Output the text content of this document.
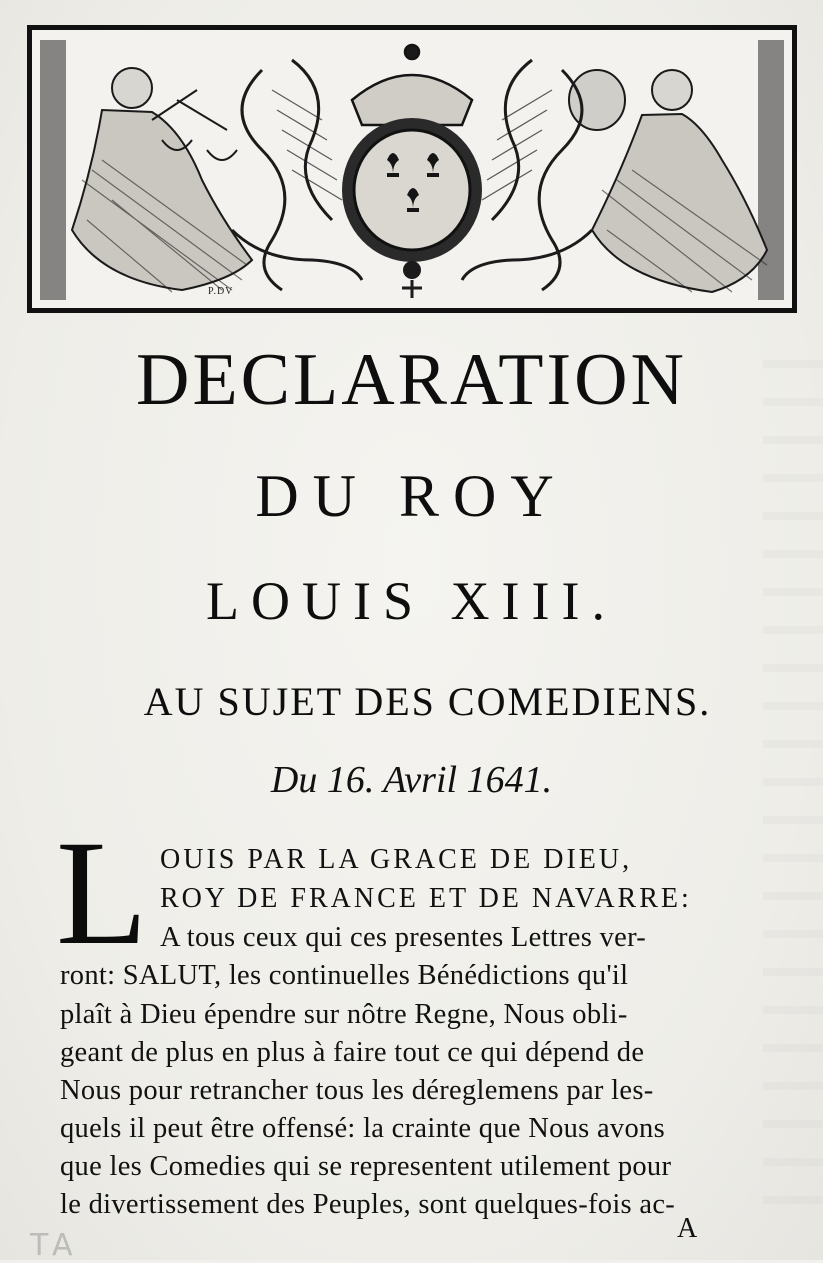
P.DV
DECLARATION
DU ROY
LOUIS XIII.
AU SUJET DES COMEDIENS.
Du 16. Avril 1641.
L OUIS PAR LA GRACE DE DIEU,
ROY DE FRANCE ET DE NAVARRE:
A tous ceux qui ces presentes Lettres ver-
ront: SALUT, les continuelles Bénédictions qu'il
plaît à Dieu épendre sur nôtre Regne, Nous obli-
geant de plus en plus à faire tout ce qui dépend de
Nous pour retrancher tous les déreglemens par les-
quels il peut être offensé: la crainte que Nous avons
que les Comedies qui se representent utilement pour
le divertissement des Peuples, sont quelques-fois ac-
A
TA
